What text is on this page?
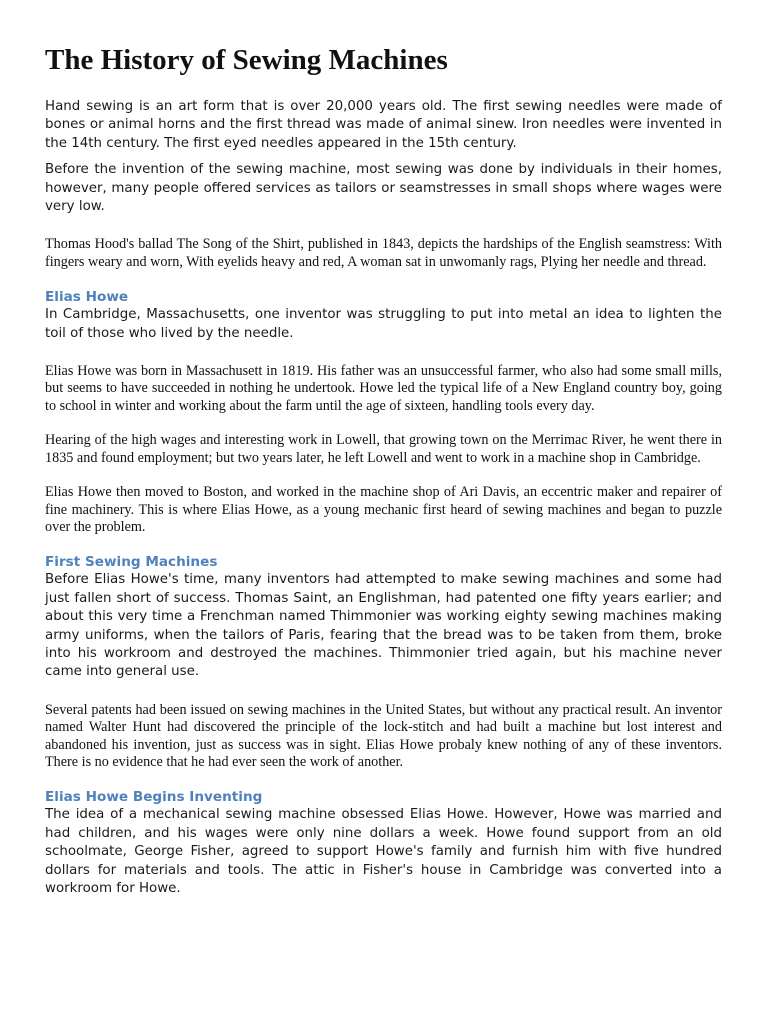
The History of Sewing Machines

Hand sewing is an art form that is over 20,000 years old. The first sewing needles were made of bones or animal horns and the first thread was made of animal sinew. Iron needles were invented in the 14th century. The first eyed needles appeared in the 15th century.

Before the invention of the sewing machine, most sewing was done by individuals in their homes, however, many people offered services as tailors or seamstresses in small shops where wages were very low.

Thomas Hood's ballad The Song of the Shirt, published in 1843, depicts the hardships of the English seamstress: With fingers weary and worn, With eyelids heavy and red, A woman sat in unwomanly rags, Plying her needle and thread.

Elias Howe

In Cambridge, Massachusetts, one inventor was struggling to put into metal an idea to lighten the toil of those who lived by the needle.

Elias Howe was born in Massachusett in 1819. His father was an unsuccessful farmer, who also had some small mills, but seems to have succeeded in nothing he undertook. Howe led the typical life of a New England country boy, going to school in winter and working about the farm until the age of sixteen, handling tools every day.

Hearing of the high wages and interesting work in Lowell, that growing town on the Merrimac River, he went there in 1835 and found employment; but two years later, he left Lowell and went to work in a machine shop in Cambridge.

Elias Howe then moved to Boston, and worked in the machine shop of Ari Davis, an eccentric maker and repairer of fine machinery. This is where Elias Howe, as a young mechanic first heard of sewing machines and began to puzzle over the problem.

First Sewing Machines

Before Elias Howe's time, many inventors had attempted to make sewing machines and some had just fallen short of success. Thomas Saint, an Englishman, had patented one fifty years earlier; and about this very time a Frenchman named Thimmonier was working eighty sewing machines making army uniforms, when the tailors of Paris, fearing that the bread was to be taken from them, broke into his workroom and destroyed the machines. Thimmonier tried again, but his machine never came into general use.

Several patents had been issued on sewing machines in the United States, but without any practical result. An inventor named Walter Hunt had discovered the principle of the lock-stitch and had built a machine but lost interest and abandoned his invention, just as success was in sight. Elias Howe probaly knew nothing of any of these inventors. There is no evidence that he had ever seen the work of another.

Elias Howe Begins Inventing

The idea of a mechanical sewing machine obsessed Elias Howe. However, Howe was married and had children, and his wages were only nine dollars a week. Howe found support from an old schoolmate, George Fisher, agreed to support Howe's family and furnish him with five hundred dollars for materials and tools. The attic in Fisher's house in Cambridge was converted into a workroom for Howe.
